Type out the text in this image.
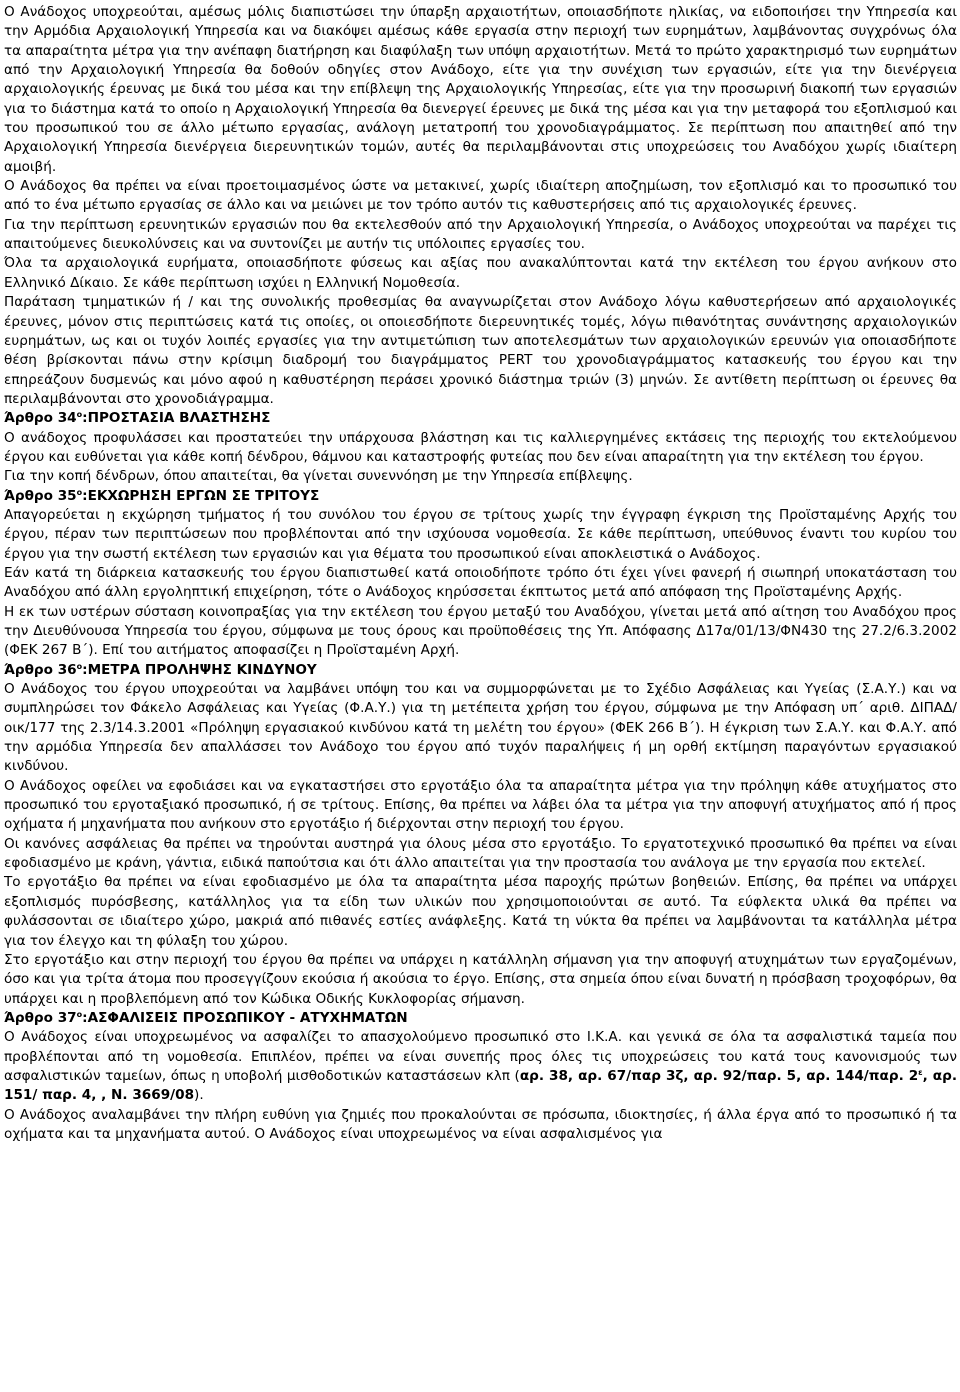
Ο Ανάδοχος υποχρεούται, αμέσως μόλις διαπιστώσει την ύπαρξη αρχαιοτήτων, οποιασδήποτε ηλικίας, να ειδοποιήσει την Υπηρεσία και την Αρμόδια Αρχαιολογική Υπηρεσία και να διακόψει αμέσως κάθε εργασία στην περιοχή των ευρημάτων, λαμβάνοντας συγχρόνως όλα τα απαραίτητα μέτρα για την ανέπαφη διατήρηση και διαφύλαξη των υπόψη αρχαιοτήτων. Μετά το πρώτο χαρακτηρισμό των ευρημάτων από την Αρχαιολογική Υπηρεσία θα δοθούν οδηγίες στον Ανάδοχο, είτε για την συνέχιση των εργασιών, είτε για την διενέργεια αρχαιολογικής έρευνας με δικά του μέσα και την επίβλεψη της Αρχαιολογικής Υπηρεσίας, είτε για την προσωρινή διακοπή των εργασιών για το διάστημα κατά το οποίο η Αρχαιολογική Υπηρεσία θα διενεργεί έρευνες με δικά της μέσα και για την μεταφορά του εξοπλισμού και του προσωπικού του σε άλλο μέτωπο εργασίας, ανάλογη μετατροπή του χρονοδιαγράμματος. Σε περίπτωση που απαιτηθεί από την Αρχαιολογική Υπηρεσία διενέργεια διερευνητικών τομών, αυτές θα περιλαμβάνονται στις υποχρεώσεις του Αναδόχου χωρίς ιδιαίτερη αμοιβή.

Ο Ανάδοχος θα πρέπει να είναι προετοιμασμένος ώστε να μετακινεί, χωρίς ιδιαίτερη αποζημίωση, τον εξοπλισμό και το προσωπικό του από το ένα μέτωπο εργασίας σε άλλο και να μειώνει με τον τρόπο αυτόν τις καθυστερήσεις από τις αρχαιολογικές έρευνες.

Για την περίπτωση ερευνητικών εργασιών που θα εκτελεσθούν από την Αρχαιολογική Υπηρεσία, ο Ανάδοχος υποχρεούται να παρέχει τις απαιτούμενες διευκολύνσεις και να συντονίζει με αυτήν τις υπόλοιπες εργασίες του.

Όλα τα αρχαιολογικά ευρήματα, οποιασδήποτε φύσεως και αξίας που ανακαλύπτονται κατά την εκτέλεση του έργου ανήκουν στο Ελληνικό Δίκαιο. Σε κάθε περίπτωση ισχύει η Ελληνική Νομοθεσία.

Παράταση τμηματικών ή / και της συνολικής προθεσμίας θα αναγνωρίζεται στον Ανάδοχο λόγω καθυστερήσεων από αρχαιολογικές έρευνες, μόνον στις περιπτώσεις κατά τις οποίες, οι οποιεσδήποτε διερευνητικές τομές, λόγω πιθανότητας συνάντησης αρχαιολογικών ευρημάτων, ως και οι τυχόν λοιπές εργασίες για την αντιμετώπιση των αποτελεσμάτων των αρχαιολογικών ερευνών για οποιασδήποτε θέση βρίσκονται πάνω στην κρίσιμη διαδρομή του διαγράμματος PERT του χρονοδιαγράμματος κατασκευής του έργου και την επηρεάζουν δυσμενώς και μόνο αφού η καθυστέρηση περάσει χρονικό διάστημα τριών (3) μηνών. Σε αντίθετη περίπτωση οι έρευνες θα περιλαμβάνονται στο χρονοδιάγραμμα.

Άρθρο $34^o:\Pi PO\Sigma TA\Sigma IA$ ΒΛΑΣΤΗΣΗΣ

Ο ανάδοχος προφυλάσσει και προστατεύει την υπάρχουσα βλάστηση και τις καλλιεργημένες εκτάσεις της περιοχής του εκτελούμενου έργου και ευθύνεται για κάθε κοπή δένδρου, θάμνου και καταστροφής φυτείας που δεν είναι απαραίτητη για την εκτέλεση του έργου.

Για την κοπή δένδρων, όπου απαιτείται, θα γίνεται συνεννόηση με την Υπηρεσία επίβλεψης.

Άρθρο $35^o:EKX\Omega PH\Sigma H$ ΕΡΓΩΝ ΣΕ ΤΡΙΤΟΥΣ

Απαγορεύεται η εκχώρηση τμήματος ή του συνόλου του έργου σε τρίτους χωρίς την έγγραφη έγκριση της Προϊσταμένης Αρχής του έργου, πέραν των περιπτώσεων που προβλέπονται από την ισχύουσα νομοθεσία. Σε κάθε περίπτωση, υπεύθυνος έναντι του κυρίου του έργου για την σωστή εκτέλεση των εργασιών και για θέματα του προσωπικού είναι αποκλειστικά ο Ανάδοχος.

Εάν κατά τη διάρκεια κατασκευής του έργου διαπιστωθεί κατά οποιοδήποτε τρόπο ότι έχει γίνει φανερή ή σιωπηρή υποκατάσταση του Αναδόχου από άλλη εργοληπτική επιχείρηση, τότε ο Ανάδοχος κηρύσσεται έκπτωτος μετά από απόφαση της Προϊσταμένης Αρχής.

Η εκ των υστέρων σύσταση κοινοπραξίας για την εκτέλεση του έργου μεταξύ του Αναδόχου, γίνεται μετά από αίτηση του Αναδόχου προς την Διευθύνουσα Υπηρεσία του έργου, σύμφωνα με τους όρους και προϋποθέσεις της Υπ. Απόφασης Δ17α/01/13/ΦΝ430 της 27.2/6.3.2002 (ΦΕΚ 267 Β΄). Επί του αιτήματος αποφασίζει η Προϊσταμένη Αρχή.

Άρθρο $36^o:METPA$ ΠΡΟΛΗΨΗΣ ΚΙΝΔΥΝΟΥ

Ο Ανάδοχος του έργου υποχρεούται να λαμβάνει υπόψη του και να συμμορφώνεται με το Σχέδιο Ασφάλειας και Υγείας (Σ.Α.Υ.) και να συμπληρώσει τον Φάκελο Ασφάλειας και Υγείας (Φ.Α.Υ.) για τη μετέπειτα χρήση του έργου, σύμφωνα με την Απόφαση υπ΄ αριθ. ΔΙΠΑΔ/οικ/177 της 2.3/14.3.2001 «Πρόληψη εργασιακού κινδύνου κατά τη μελέτη του έργου» (ΦΕΚ 266 Β΄). Η έγκριση των Σ.Α.Υ. και Φ.Α.Υ. από την αρμόδια Υπηρεσία δεν απαλλάσσει τον Ανάδοχο του έργου από τυχόν παραλήψεις ή μη ορθή εκτίμηση παραγόντων εργασιακού κινδύνου.

Ο Ανάδοχος οφείλει να εφοδιάσει και να εγκαταστήσει στο εργοτάξιο όλα τα απαραίτητα μέτρα για την πρόληψη κάθε ατυχήματος στο προσωπικό του εργοταξιακό προσωπικό, ή σε τρίτους. Επίσης, θα πρέπει να λάβει όλα τα μέτρα για την αποφυγή ατυχήματος από ή προς οχήματα ή μηχανήματα που ανήκουν στο εργοτάξιο ή διέρχονται στην περιοχή του έργου.

Οι κανόνες ασφάλειας θα πρέπει να τηρούνται αυστηρά για όλους μέσα στο εργοτάξιο. Το εργατοτεχνικό προσωπικό θα πρέπει να είναι εφοδιασμένο με κράνη, γάντια, ειδικά παπούτσια και ότι άλλο απαιτείται για την προστασία του ανάλογα με την εργασία που εκτελεί.

Το εργοτάξιο θα πρέπει να είναι εφοδιασμένο με όλα τα απαραίτητα μέσα παροχής πρώτων βοηθειών. Επίσης, θα πρέπει να υπάρχει εξοπλισμός πυρόσβεσης, κατάλληλος για τα είδη των υλικών που χρησιμοποιούνται σε αυτό. Τα εύφλεκτα υλικά θα πρέπει να φυλάσσονται σε ιδιαίτερο χώρο, μακριά από πιθανές εστίες ανάφλεξης. Κατά τη νύκτα θα πρέπει να λαμβάνονται τα κατάλληλα μέτρα για τον έλεγχο και τη φύλαξη του χώρου.

Στο εργοτάξιο και στην περιοχή του έργου θα πρέπει να υπάρχει η κατάλληλη σήμανση για την αποφυγή ατυχημάτων των εργαζομένων, όσο και για τρίτα άτομα που προσεγγίζουν εκούσια ή ακούσια το έργο. Επίσης, στα σημεία όπου είναι δυνατή η πρόσβαση τροχοφόρων, θα υπάρχει και η προβλεπόμενη από τον Κώδικα Οδικής Κυκλοφορίας σήμανση.

Άρθρο $37^o:A\Sigma\Phi A\Lambda I\Sigma EI\Sigma$ ΠΡΟΣΩΠΙΚΟΥ - ΑΤΥΧΗΜΑΤΩΝ

Ο Ανάδοχος είναι υποχρεωμένος να ασφαλίζει το απασχολούμενο προσωπικό στο Ι.Κ.Α. και γενικά σε όλα τα ασφαλιστικά ταμεία που προβλέπονται από τη νομοθεσία. Επιπλέον, πρέπει να είναι συνεπής προς όλες τις υποχρεώσεις του κατά τους κανονισμούς των ασφαλιστικών ταμείων, όπως η υποβολή μισθοδοτικών καταστάσεων κλπ (αρ. 38, αρ. 67/παρ 3ζ, αρ. 92/παρ. 5, αρ. 144/παρ. $2^\varepsilon$, αρ. 151/ παρ. 4, , Ν. 3669/08).

Ο Ανάδοχος αναλαμβάνει την πλήρη ευθύνη για ζημιές που προκαλούνται σε πρόσωπα, ιδιοκτησίες, ή άλλα έργα από το προσωπικό ή τα οχήματα και τα μηχανήματα αυτού. Ο Ανάδοχος είναι υποχρεωμένος να είναι ασφαλισμένος για
